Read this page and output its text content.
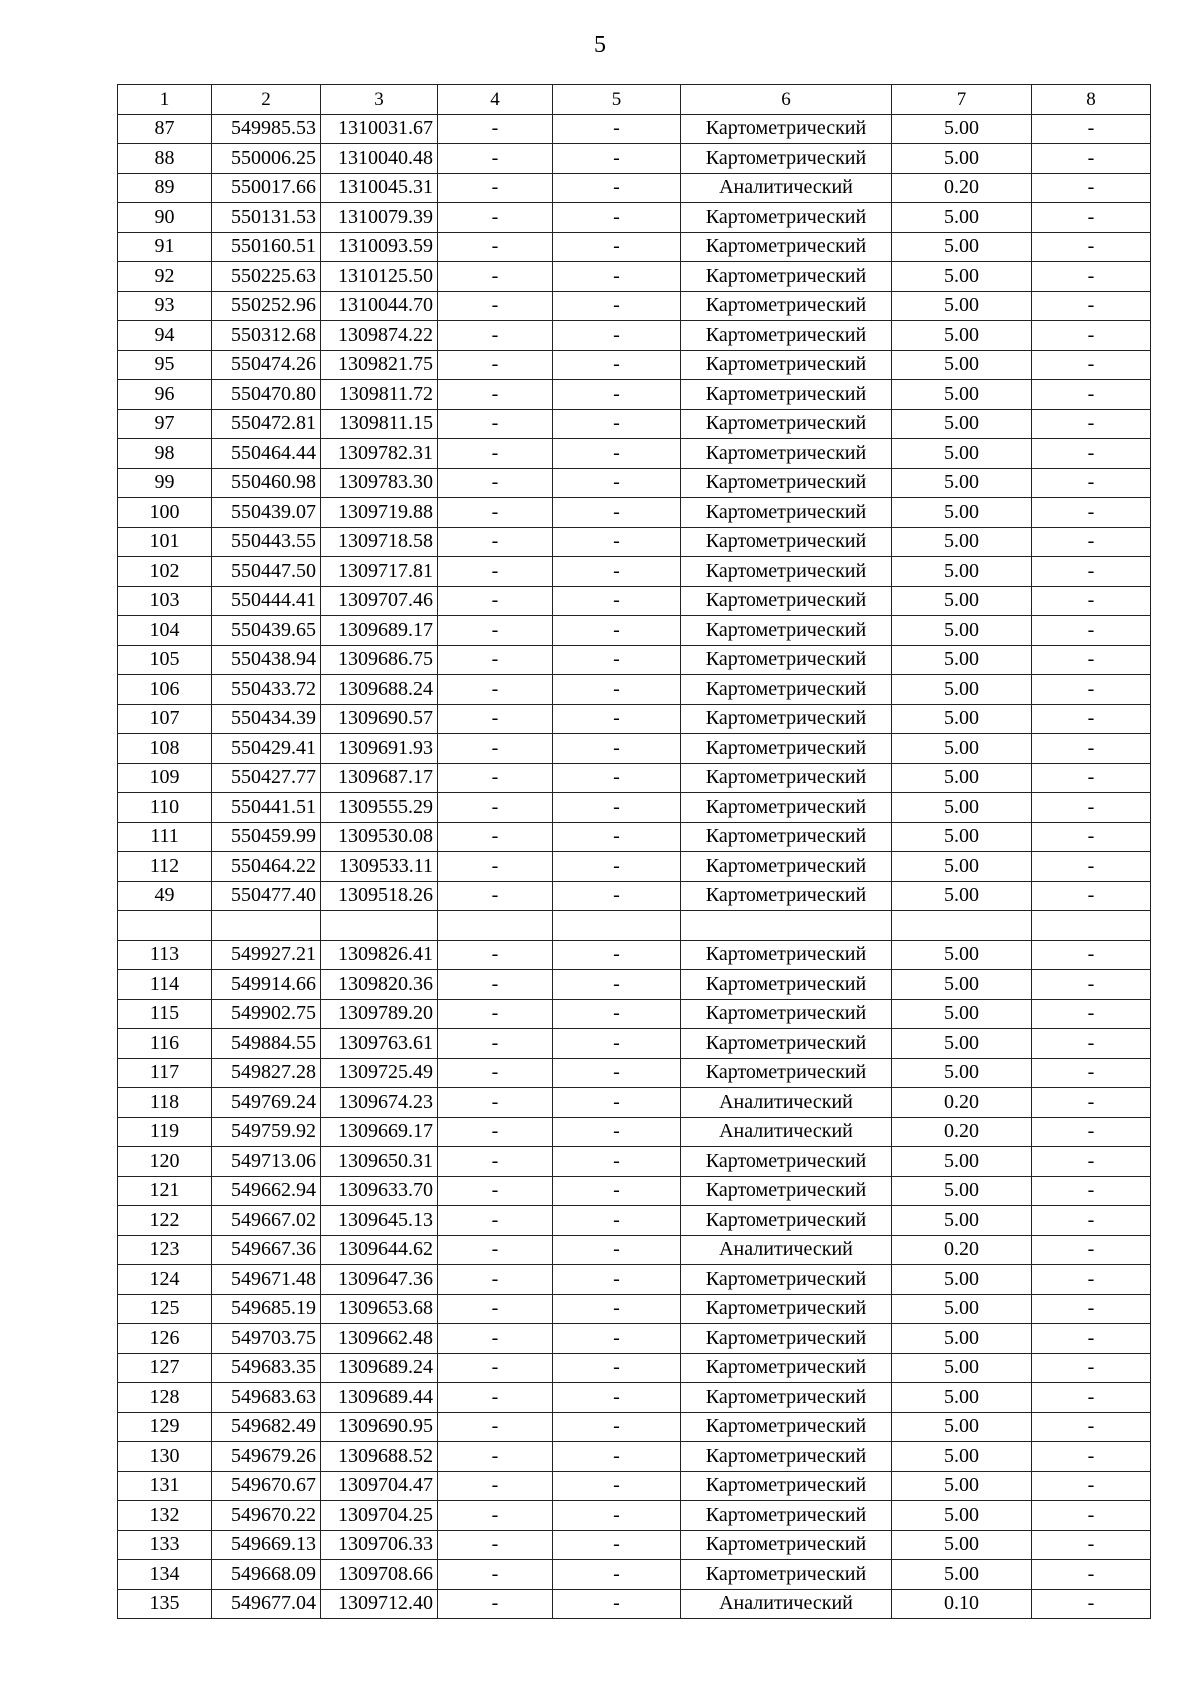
5
1	2	3	4	5	6	7	8
87	549985.53	1310031.67	-	-	Картометрический	5.00	-
88	550006.25	1310040.48	-	-	Картометрический	5.00	-
89	550017.66	1310045.31	-	-	Аналитический	0.20	-
90	550131.53	1310079.39	-	-	Картометрический	5.00	-
91	550160.51	1310093.59	-	-	Картометрический	5.00	-
92	550225.63	1310125.50	-	-	Картометрический	5.00	-
93	550252.96	1310044.70	-	-	Картометрический	5.00	-
94	550312.68	1309874.22	-	-	Картометрический	5.00	-
95	550474.26	1309821.75	-	-	Картометрический	5.00	-
96	550470.80	1309811.72	-	-	Картометрический	5.00	-
97	550472.81	1309811.15	-	-	Картометрический	5.00	-
98	550464.44	1309782.31	-	-	Картометрический	5.00	-
99	550460.98	1309783.30	-	-	Картометрический	5.00	-
100	550439.07	1309719.88	-	-	Картометрический	5.00	-
101	550443.55	1309718.58	-	-	Картометрический	5.00	-
102	550447.50	1309717.81	-	-	Картометрический	5.00	-
103	550444.41	1309707.46	-	-	Картометрический	5.00	-
104	550439.65	1309689.17	-	-	Картометрический	5.00	-
105	550438.94	1309686.75	-	-	Картометрический	5.00	-
106	550433.72	1309688.24	-	-	Картометрический	5.00	-
107	550434.39	1309690.57	-	-	Картометрический	5.00	-
108	550429.41	1309691.93	-	-	Картометрический	5.00	-
109	550427.77	1309687.17	-	-	Картометрический	5.00	-
110	550441.51	1309555.29	-	-	Картометрический	5.00	-
111	550459.99	1309530.08	-	-	Картометрический	5.00	-
112	550464.22	1309533.11	-	-	Картометрический	5.00	-
49	550477.40	1309518.26	-	-	Картометрический	5.00	-

113	549927.21	1309826.41	-	-	Картометрический	5.00	-
114	549914.66	1309820.36	-	-	Картометрический	5.00	-
115	549902.75	1309789.20	-	-	Картометрический	5.00	-
116	549884.55	1309763.61	-	-	Картометрический	5.00	-
117	549827.28	1309725.49	-	-	Картометрический	5.00	-
118	549769.24	1309674.23	-	-	Аналитический	0.20	-
119	549759.92	1309669.17	-	-	Аналитический	0.20	-
120	549713.06	1309650.31	-	-	Картометрический	5.00	-
121	549662.94	1309633.70	-	-	Картометрический	5.00	-
122	549667.02	1309645.13	-	-	Картометрический	5.00	-
123	549667.36	1309644.62	-	-	Аналитический	0.20	-
124	549671.48	1309647.36	-	-	Картометрический	5.00	-
125	549685.19	1309653.68	-	-	Картометрический	5.00	-
126	549703.75	1309662.48	-	-	Картометрический	5.00	-
127	549683.35	1309689.24	-	-	Картометрический	5.00	-
128	549683.63	1309689.44	-	-	Картометрический	5.00	-
129	549682.49	1309690.95	-	-	Картометрический	5.00	-
130	549679.26	1309688.52	-	-	Картометрический	5.00	-
131	549670.67	1309704.47	-	-	Картометрический	5.00	-
132	549670.22	1309704.25	-	-	Картометрический	5.00	-
133	549669.13	1309706.33	-	-	Картометрический	5.00	-
134	549668.09	1309708.66	-	-	Картометрический	5.00	-
135	549677.04	1309712.40	-	-	Аналитический	0.10	-
